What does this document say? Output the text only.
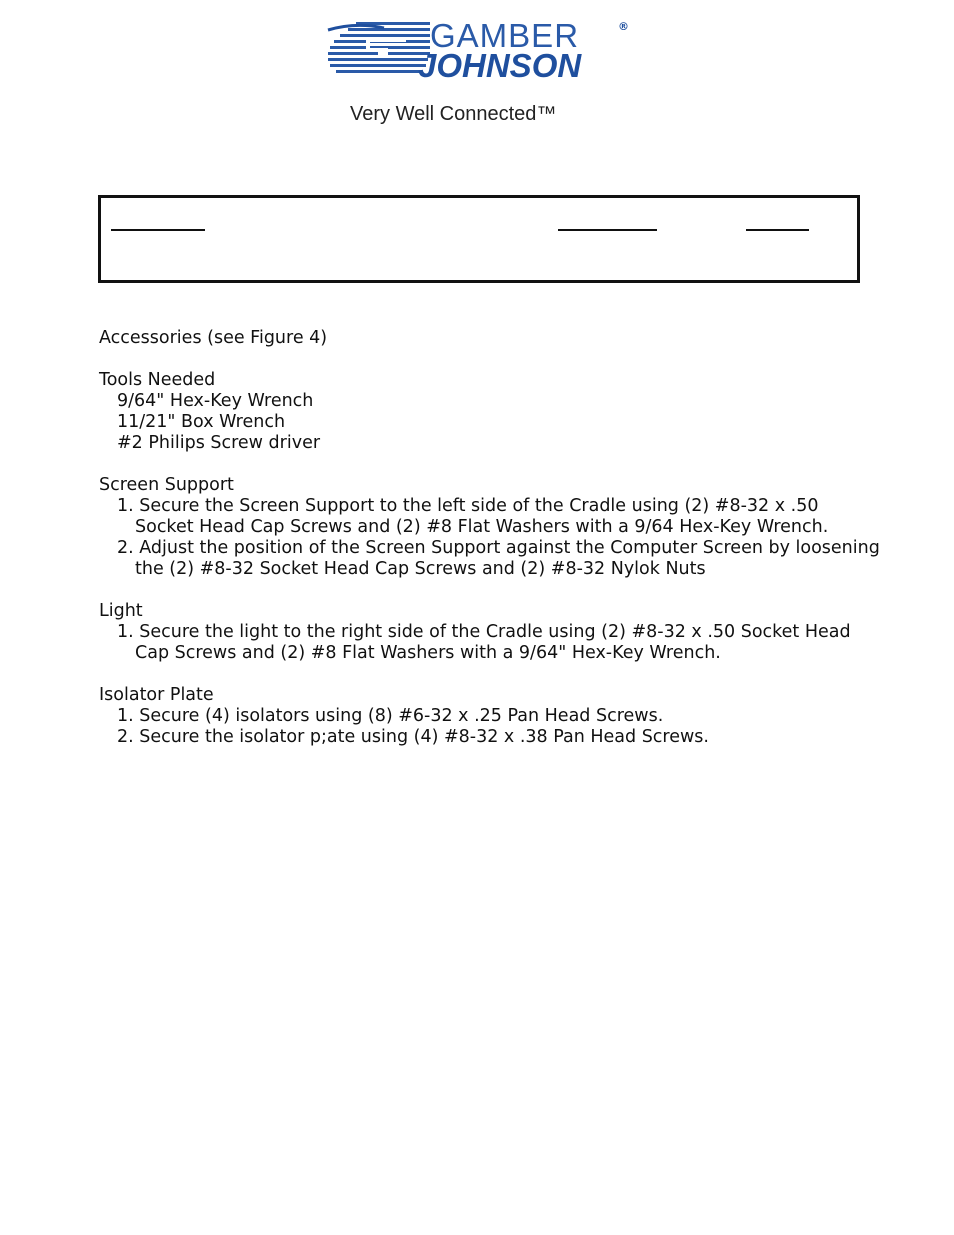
GAMBER	®
JOHNSON
Very Well Connected™
Accessories (see Figure 4)
Tools Needed
9/64" Hex-Key Wrench
11/21" Box Wrench
#2 Philips Screw driver
Screen Support
1. Secure the Screen Support to the left side of the Cradle using (2) #8-32 x .50
Socket Head Cap Screws and (2) #8 Flat Washers with a 9/64 Hex-Key Wrench.
2. Adjust the position of the Screen Support against the Computer Screen by loosening
the (2) #8-32 Socket Head Cap Screws and (2) #8-32 Nylok Nuts
Light
1. Secure the light to the right side of the Cradle using (2) #8-32 x .50 Socket Head
Cap Screws and (2) #8 Flat Washers with a 9/64" Hex-Key Wrench.
Isolator Plate
1. Secure (4) isolators using (8) #6-32 x .25 Pan Head Screws.
2. Secure the isolator p;ate using (4) #8-32 x .38 Pan Head Screws.
